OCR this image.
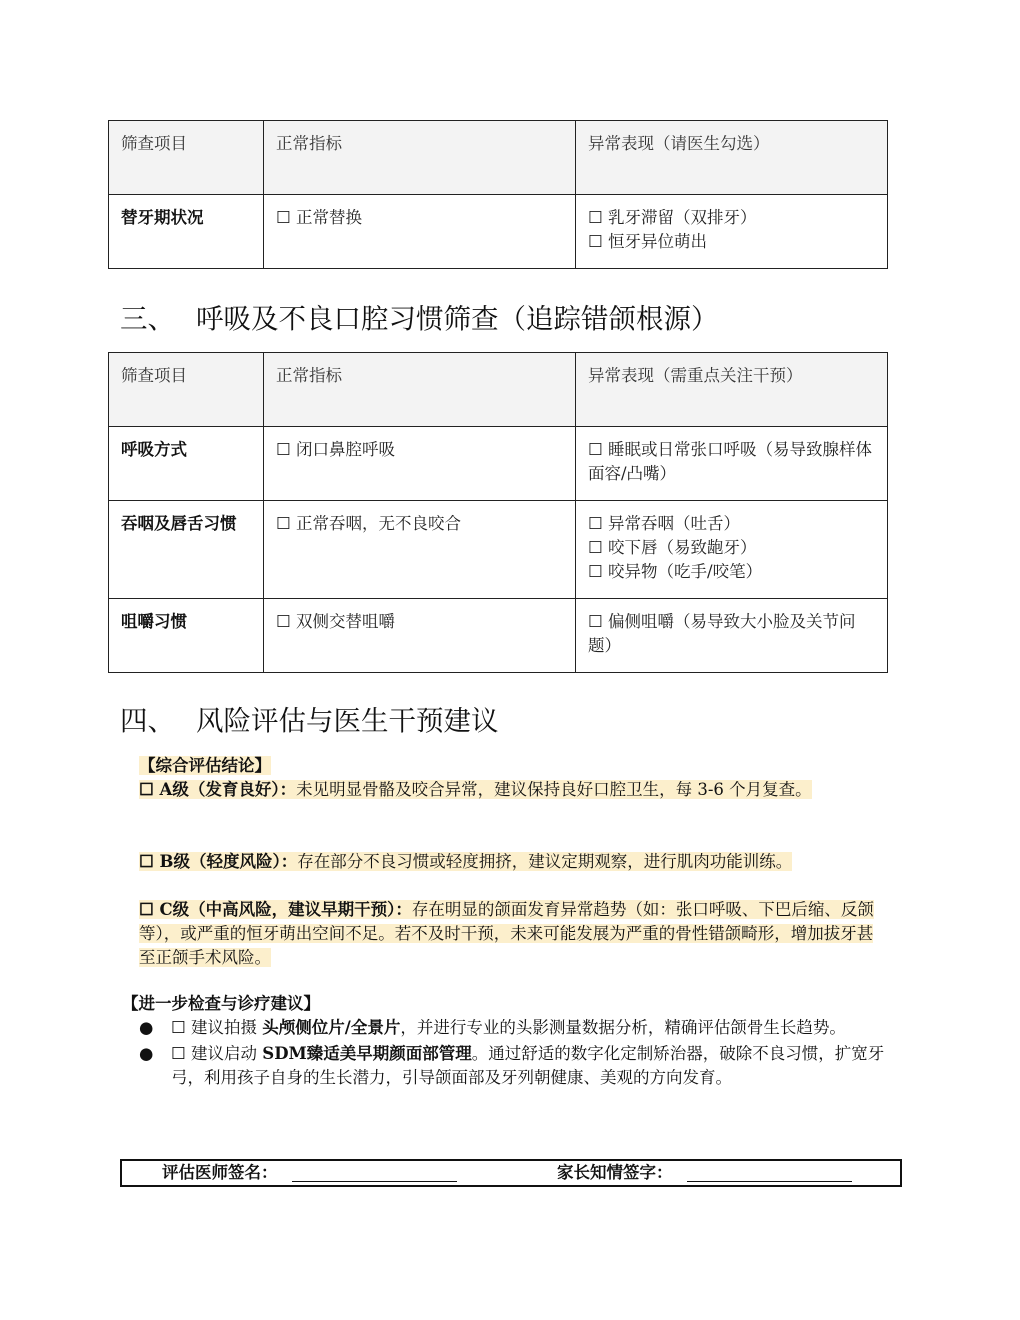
筛查项目	正常指标	异常表现（请医生勾选）
替牙期状况	☐ 正常替换	☐ 乳牙滞留（双排牙）
☐ 恒牙异位萌出
三、 呼吸及不良口腔习惯筛查（追踪错颌根源）
筛查项目	正常指标	异常表现（需重点关注干预）
呼吸方式	☐ 闭口鼻腔呼吸	☐ 睡眠或日常张口呼吸（易导致腺样体面容/凸嘴）

吞咽及唇舌习惯	☐ 正常吞咽，无不良咬合	☐ 异常吞咽（吐舌）
☐ 咬下唇（易致龅牙）
☐ 咬异物（吃手/咬笔）

咀嚼习惯	☐ 双侧交替咀嚼	☐ 偏侧咀嚼（易导致大小脸及关节问题）
四、 风险评估与医生干预建议
【综合评估结论】
☐ A级（发育良好）：未见明显骨骼及咬合异常，建议保持良好口腔卫生，每 3-6 个月复查。
☐ B级（轻度风险）：存在部分不良习惯或轻度拥挤，建议定期观察，进行肌肉功能训练。
☐ C级（中高风险，建议早期干预）：存在明显的颌面发育异常趋势（如：张口呼吸、下巴后缩、反颌等），或严重的恒牙萌出空间不足。若不及时干预，未来可能发展为严重的骨性错颌畸形，增加拔牙甚至正颌手术风险。
【进一步检查与诊疗建议】
● ☐ 建议拍摄 头颅侧位片/全景片，并进行专业的头影测量数据分析，精确评估颌骨生长趋势。
● ☐ 建议启动 SDM臻适美早期颜面部管理。通过舒适的数字化定制矫治器，破除不良习惯，扩宽牙弓，利用孩子自身的生长潜力，引导颌面部及牙列朝健康、美观的方向发育。
评估医师签名：	家长知情签字：
